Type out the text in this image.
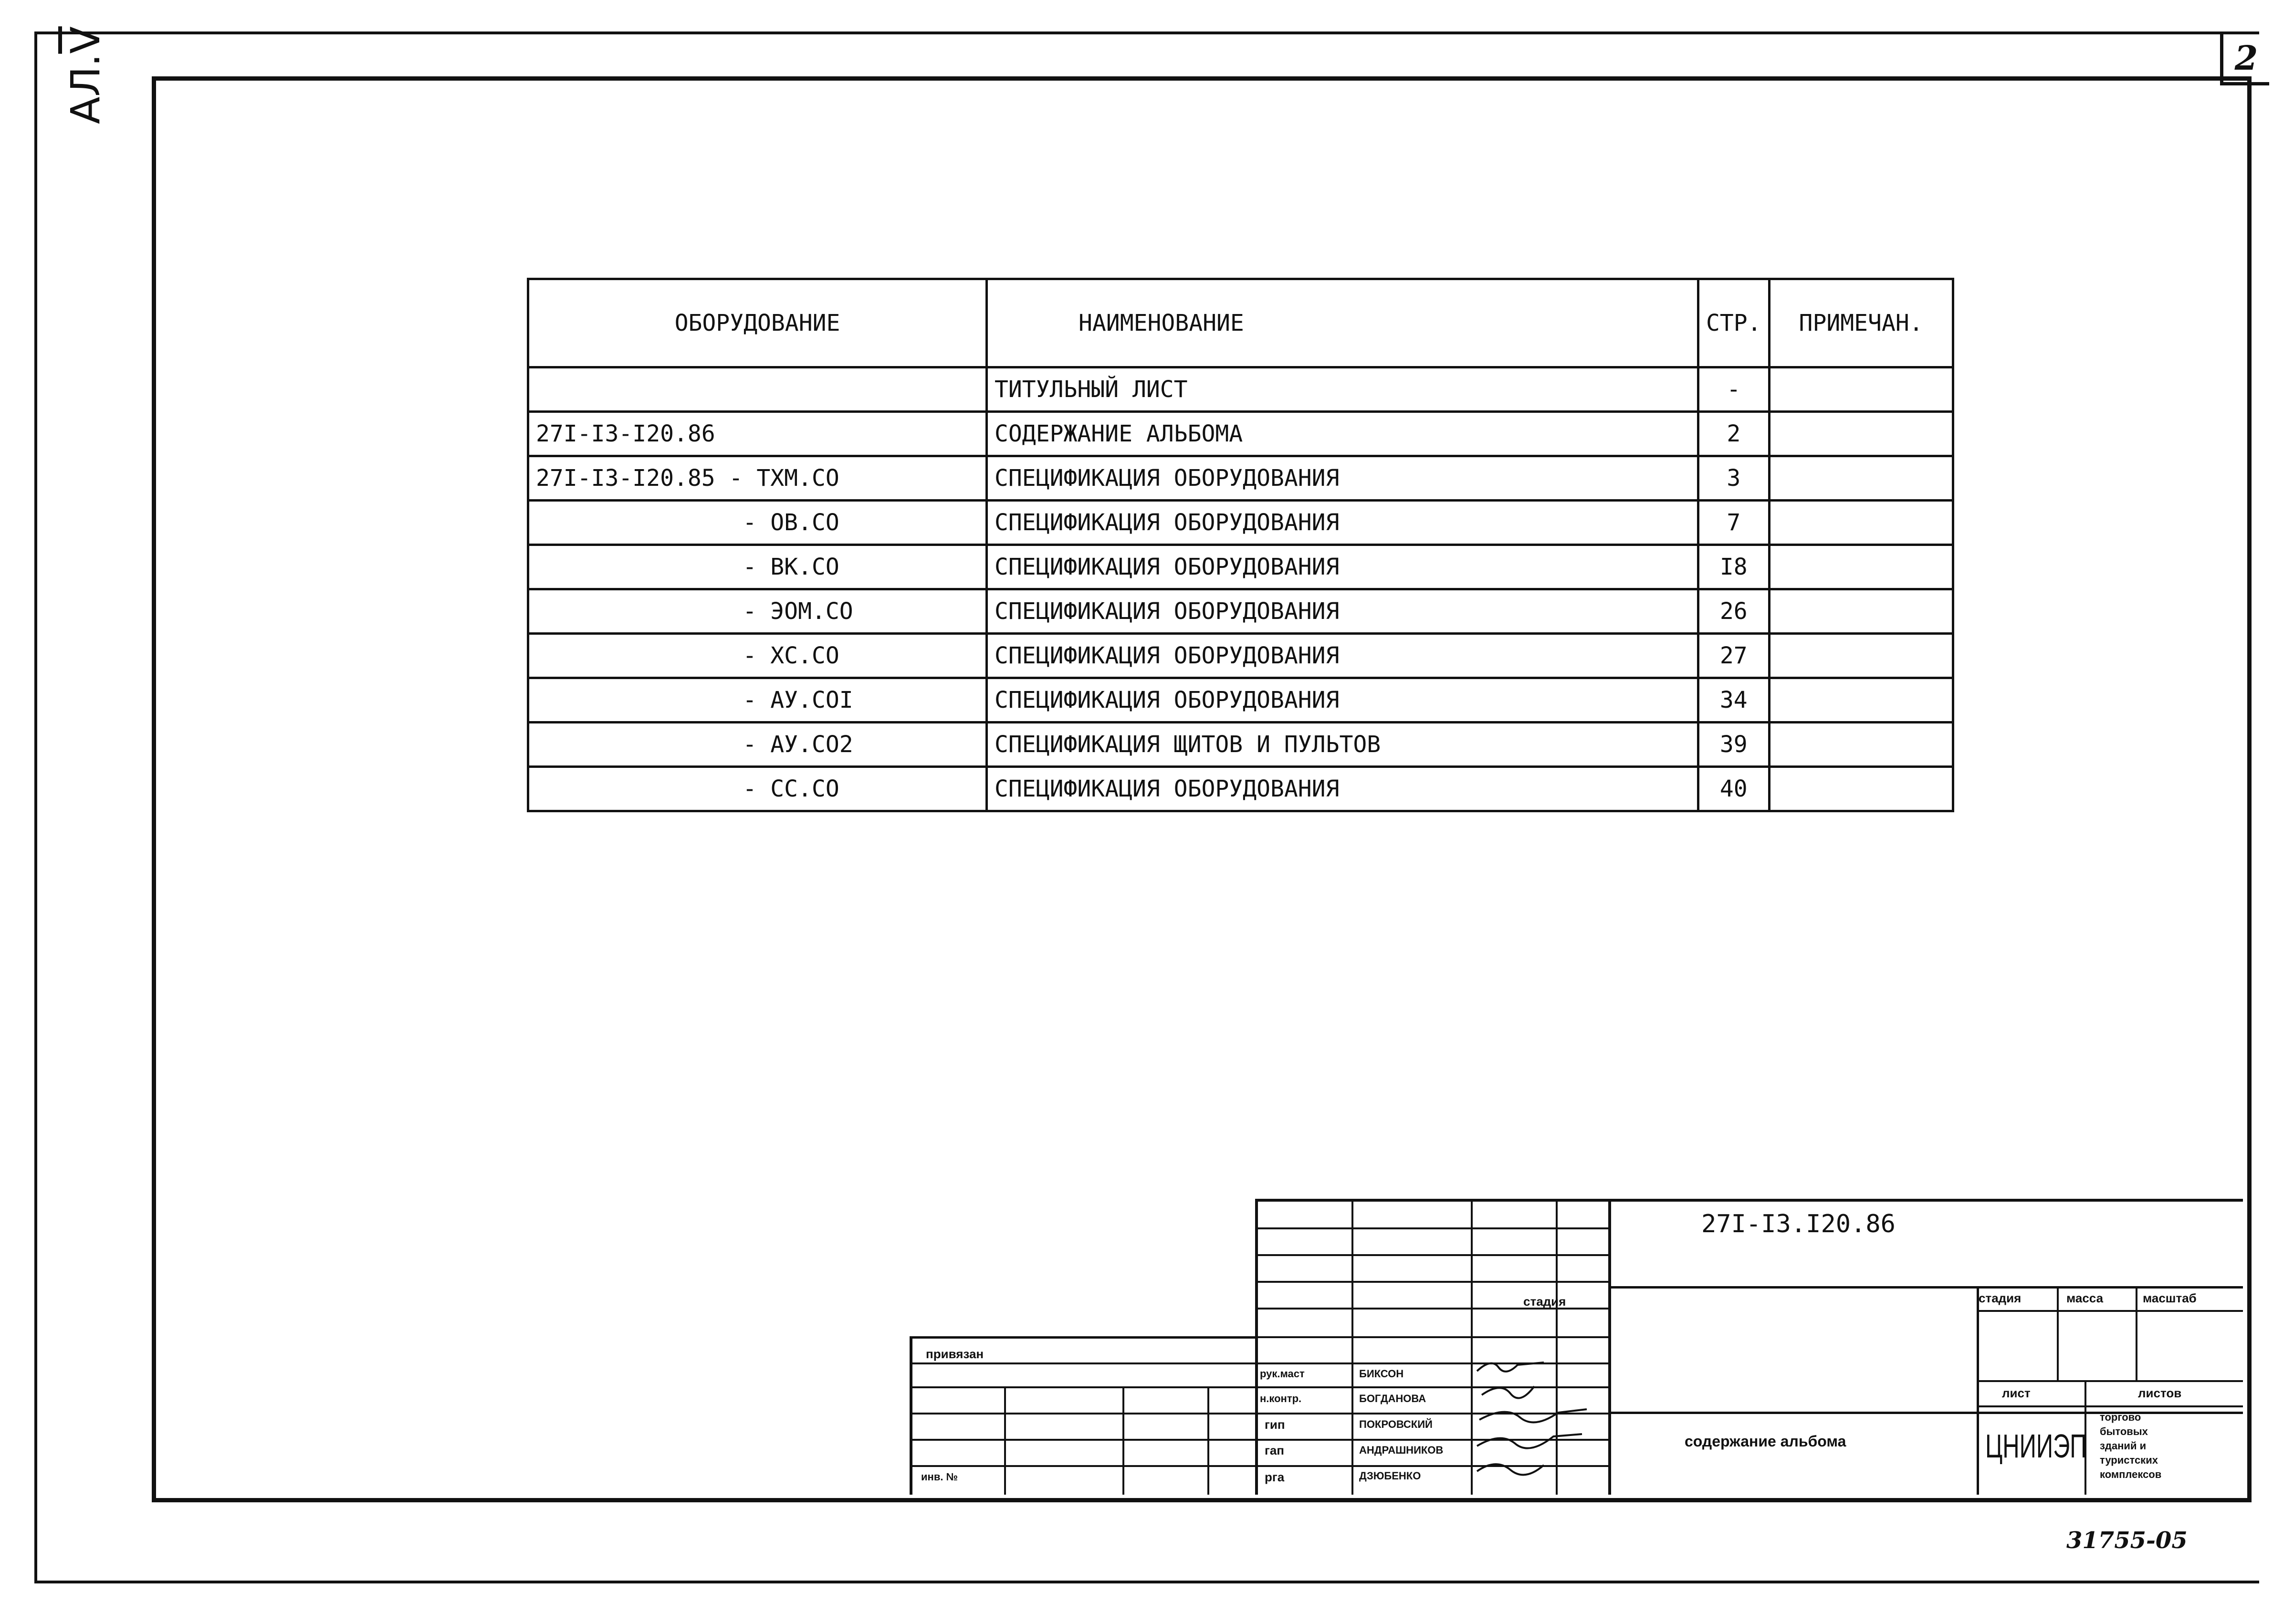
2
$АЛ.\overline{V}$
ОБОРУДОВАНИЕ	НАИМЕНОВАНИЕ	СТР.	ПРИМЕЧАН.
	ТИТУЛЬНЫЙ ЛИСТ	-	
27I-I3-I20.86	СОДЕРЖАНИЕ АЛЬБОМА	2	
27I-I3-I20.85 - ТХМ.СО	СПЕЦИФИКАЦИЯ ОБОРУДОВАНИЯ	3	
- ОВ.СО	СПЕЦИФИКАЦИЯ ОБОРУДОВАНИЯ	7	
- ВК.СО	СПЕЦИФИКАЦИЯ ОБОРУДОВАНИЯ	I8	
- ЭОМ.СО	СПЕЦИФИКАЦИЯ ОБОРУДОВАНИЯ	26	
- ХС.СО	СПЕЦИФИКАЦИЯ ОБОРУДОВАНИЯ	27	
- АУ.СОI	СПЕЦИФИКАЦИЯ ОБОРУДОВАНИЯ	34	
- АУ.СО2	СПЕЦИФИКАЦИЯ ЩИТОВ И ПУЛЬТОВ	39	
- СС.СО	СПЕЦИФИКАЦИЯ ОБОРУДОВАНИЯ	40	
27I-I3.I20.86
привязан
инв. №
рук.маст
н.контр.
гип
гап
рга
БИКСОН
БОГДАНОВА
ПОКРОВСКИЙ
АНДРАШНИКОВ
ДЗЮБЕНКО
стадия	стадия	масса	масштаб
лист	листов
содержание альбома	ЦНИИЭП
торгово
бытовых
зданий и
туристских
комплексов
31755-05
